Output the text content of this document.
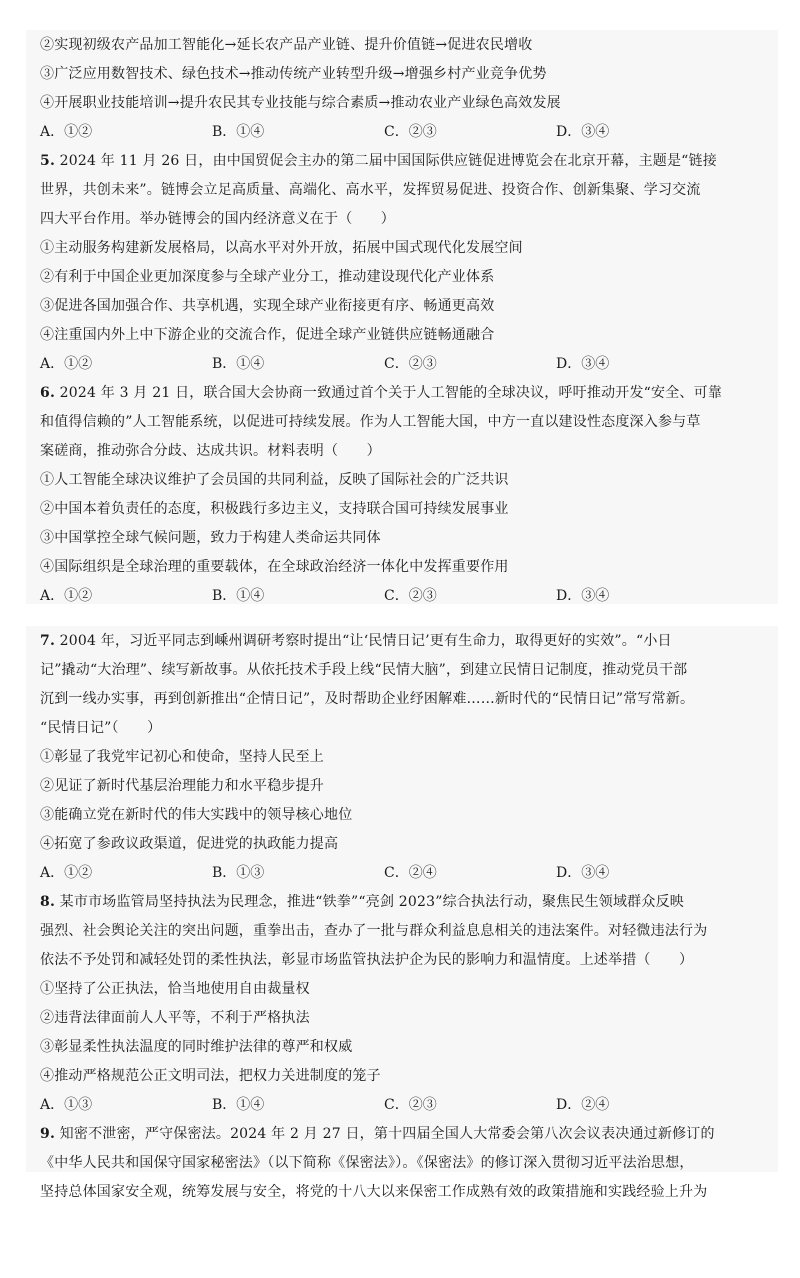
②实现初级农产品加工智能化→延长农产品产业链、提升价值链→促进农民增收
③广泛应用数智技术、绿色技术→推动传统产业转型升级→增强乡村产业竞争优势
④开展职业技能培训→提升农民其专业技能与综合素质→推动农业产业绿色高效发展
A．①②	B．①④	C．②③	D．③④
5. 2024 年 11 月 26 日，由中国贸促会主办的第二届中国国际供应链促进博览会在北京开幕，主题是“链接
世界，共创未来”。链博会立足高质量、高端化、高水平，发挥贸易促进、投资合作、创新集聚、学习交流
四大平台作用。举办链博会的国内经济意义在于（　　）
①主动服务构建新发展格局，以高水平对外开放，拓展中国式现代化发展空间
②有利于中国企业更加深度参与全球产业分工，推动建设现代化产业体系
③促进各国加强合作、共享机遇，实现全球产业衔接更有序、畅通更高效
④注重国内外上中下游企业的交流合作，促进全球产业链供应链畅通融合
A．①②	B．①④	C．②③	D．③④
6. 2024 年 3 月 21 日，联合国大会协商一致通过首个关于人工智能的全球决议，呼吁推动开发“安全、可靠
和值得信赖的”人工智能系统，以促进可持续发展。作为人工智能大国，中方一直以建设性态度深入参与草
案磋商，推动弥合分歧、达成共识。材料表明（　　）
①人工智能全球决议维护了会员国的共同利益，反映了国际社会的广泛共识
②中国本着负责任的态度，积极践行多边主义，支持联合国可持续发展事业
③中国掌控全球气候问题，致力于构建人类命运共同体
④国际组织是全球治理的重要载体，在全球政治经济一体化中发挥重要作用
A．①②	B．①④	C．②③	D．③④
7. 2004 年，习近平同志到嵊州调研考察时提出“让‘民情日记’更有生命力，取得更好的实效”。“小日
记”撬动“大治理”、续写新故事。从依托技术手段上线“民情大脑”，到建立民情日记制度，推动党员干部
沉到一线办实事，再到创新推出“企情日记”，及时帮助企业纾困解难……新时代的“民情日记”常写常新。
“民情日记”（　　）
①彰显了我党牢记初心和使命，坚持人民至上
②见证了新时代基层治理能力和水平稳步提升
③能确立党在新时代的伟大实践中的领导核心地位
④拓宽了参政议政渠道，促进党的执政能力提高
A．①②	B．①③	C．②④	D．③④
8. 某市市场监管局坚持执法为民理念，推进“铁拳”“亮剑 2023”综合执法行动，聚焦民生领域群众反映
强烈、社会舆论关注的突出问题，重拳出击，查办了一批与群众利益息息相关的违法案件。对轻微违法行为
依法不予处罚和减轻处罚的柔性执法，彰显市场监管执法护企为民的影响力和温情度。上述举措（　　）
①坚持了公正执法，恰当地使用自由裁量权
②违背法律面前人人平等，不利于严格执法
③彰显柔性执法温度的同时维护法律的尊严和权威
④推动严格规范公正文明司法，把权力关进制度的笼子
A．①③	B．①④	C．②③	D．②④
9. 知密不泄密，严守保密法。2024 年 2 月 27 日，第十四届全国人大常委会第八次会议表决通过新修订的
《中华人民共和国保守国家秘密法》（以下简称《保密法》）。《保密法》的修订深入贯彻习近平法治思想，
坚持总体国家安全观，统筹发展与安全，将党的十八大以来保密工作成熟有效的政策措施和实践经验上升为
